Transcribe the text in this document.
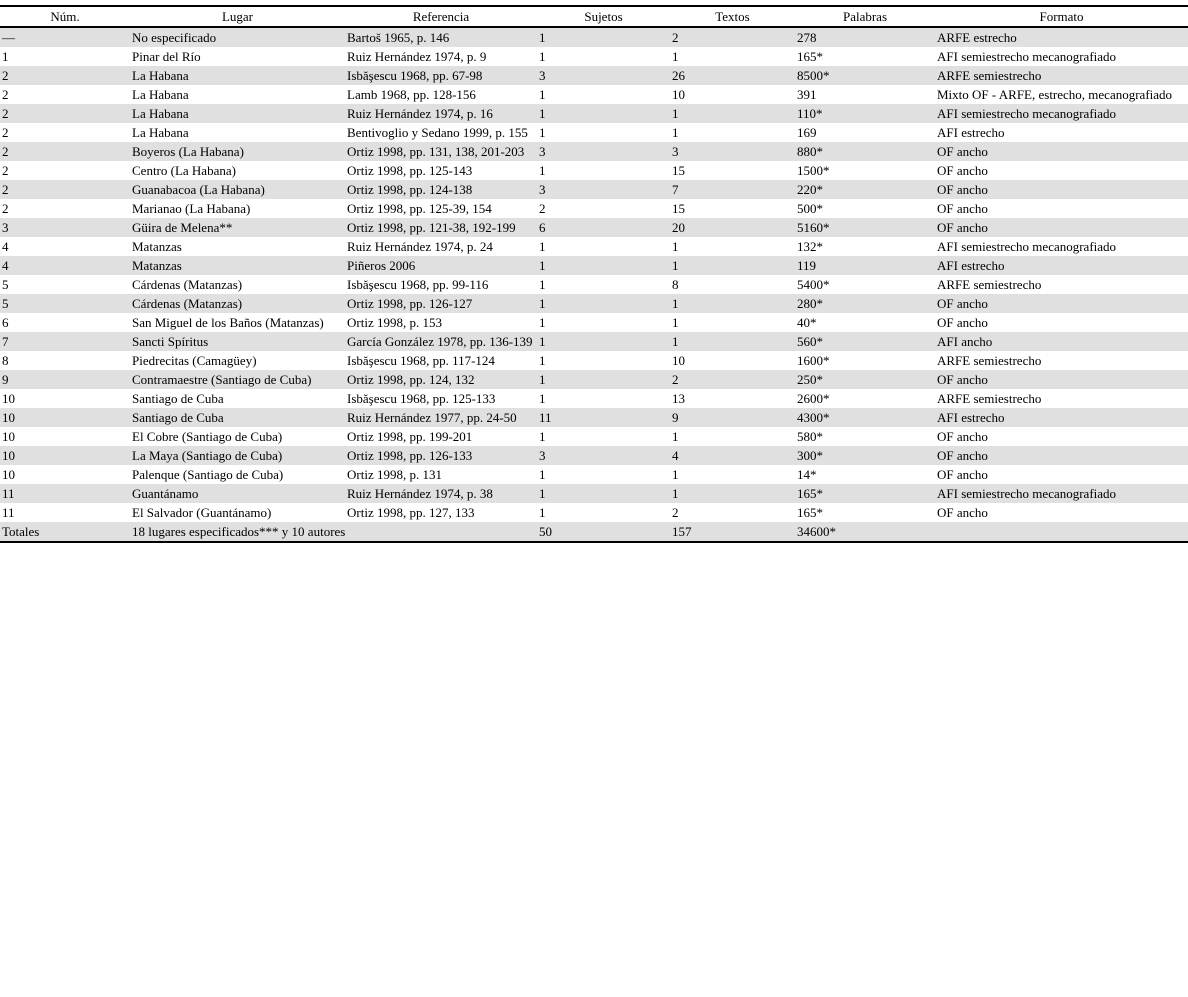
Núm.	Lugar	Referencia	Sujetos	Textos	Palabras	Formato
—	No especificado	Bartoš 1965, p. 146	1	2	278	ARFE estrecho
1	Pinar del Río	Ruiz Hernández 1974, p. 9	1	1	165*	AFI semiestrecho mecanografiado
2	La Habana	Isbăşescu 1968, pp. 67-98	3	26	8500*	ARFE semiestrecho
2	La Habana	Lamb 1968, pp. 128-156	1	10	391	Mixto OF - ARFE, estrecho, mecanografiado
2	La Habana	Ruiz Hernández 1974, p. 16	1	1	110*	AFI semiestrecho mecanografiado
2	La Habana	Bentivoglio y Sedano 1999, p. 155	1	1	169	AFI estrecho
2	Boyeros (La Habana)	Ortiz 1998, pp. 131, 138, 201-203	3	3	880*	OF ancho
2	Centro (La Habana)	Ortiz 1998, pp. 125-143	1	15	1500*	OF ancho
2	Guanabacoa (La Habana)	Ortiz 1998, pp. 124-138	3	7	220*	OF ancho
2	Marianao (La Habana)	Ortiz 1998, pp. 125-39, 154	2	15	500*	OF ancho
3	Güira de Melena**	Ortiz 1998, pp. 121-38, 192-199	6	20	5160*	OF ancho
4	Matanzas	Ruiz Hernández 1974, p. 24	1	1	132*	AFI semiestrecho mecanografiado
4	Matanzas	Piñeros 2006	1	1	119	AFI estrecho
5	Cárdenas (Matanzas)	Isbăşescu 1968, pp. 99-116	1	8	5400*	ARFE semiestrecho
5	Cárdenas (Matanzas)	Ortiz 1998, pp. 126-127	1	1	280*	OF ancho
6	San Miguel de los Baños (Matanzas)	Ortiz 1998, p. 153	1	1	40*	OF ancho
7	Sancti Spíritus	García González 1978, pp. 136-139	1	1	560*	AFI ancho
8	Piedrecitas (Camagüey)	Isbăşescu 1968, pp. 117-124	1	10	1600*	ARFE semiestrecho
9	Contramaestre (Santiago de Cuba)	Ortiz 1998, pp. 124, 132	1	2	250*	OF ancho
10	Santiago de Cuba	Isbăşescu 1968, pp. 125-133	1	13	2600*	ARFE semiestrecho
10	Santiago de Cuba	Ruiz Hernández 1977, pp. 24-50	11	9	4300*	AFI estrecho
10	El Cobre (Santiago de Cuba)	Ortiz 1998, pp. 199-201	1	1	580*	OF ancho
10	La Maya (Santiago de Cuba)	Ortiz 1998, pp. 126-133	3	4	300*	OF ancho
10	Palenque (Santiago de Cuba)	Ortiz 1998, p. 131	1	1	14*	OF ancho
11	Guantánamo	Ruiz Hernández 1974, p. 38	1	1	165*	AFI semiestrecho mecanografiado
11	El Salvador (Guantánamo)	Ortiz 1998, pp. 127, 133	1	2	165*	OF ancho
Totales	18 lugares especificados*** y 10 autores		50	157	34600*	
